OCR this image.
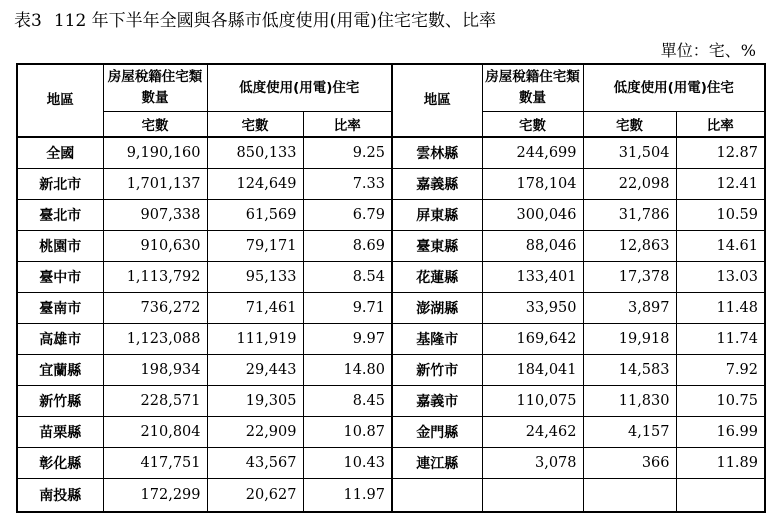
表3 112 年下半年全國與各縣市低度使用(用電)住宅宅數、比率
單位：宅、%
地區	房屋稅籍住宅類數量	低度使用(用電)住宅		地區	房屋稅籍住宅類數量	低度使用(用電)住宅	
	宅數	宅數	比率		宅數	宅數	比率
全國	9,190,160	850,133	9.25	雲林縣	244,699	31,504	12.87
新北市	1,701,137	124,649	7.33	嘉義縣	178,104	22,098	12.41
臺北市	907,338	61,569	6.79	屏東縣	300,046	31,786	10.59
桃園市	910,630	79,171	8.69	臺東縣	88,046	12,863	14.61
臺中市	1,113,792	95,133	8.54	花蓮縣	133,401	17,378	13.03
臺南市	736,272	71,461	9.71	澎湖縣	33,950	3,897	11.48
高雄市	1,123,088	111,919	9.97	基隆市	169,642	19,918	11.74
宜蘭縣	198,934	29,443	14.80	新竹市	184,041	14,583	7.92
新竹縣	228,571	19,305	8.45	嘉義市	110,075	11,830	10.75
苗栗縣	210,804	22,909	10.87	金門縣	24,462	4,157	16.99
彰化縣	417,751	43,567	10.43	連江縣	3,078	366	11.89
南投縣	172,299	20,627	11.97				
